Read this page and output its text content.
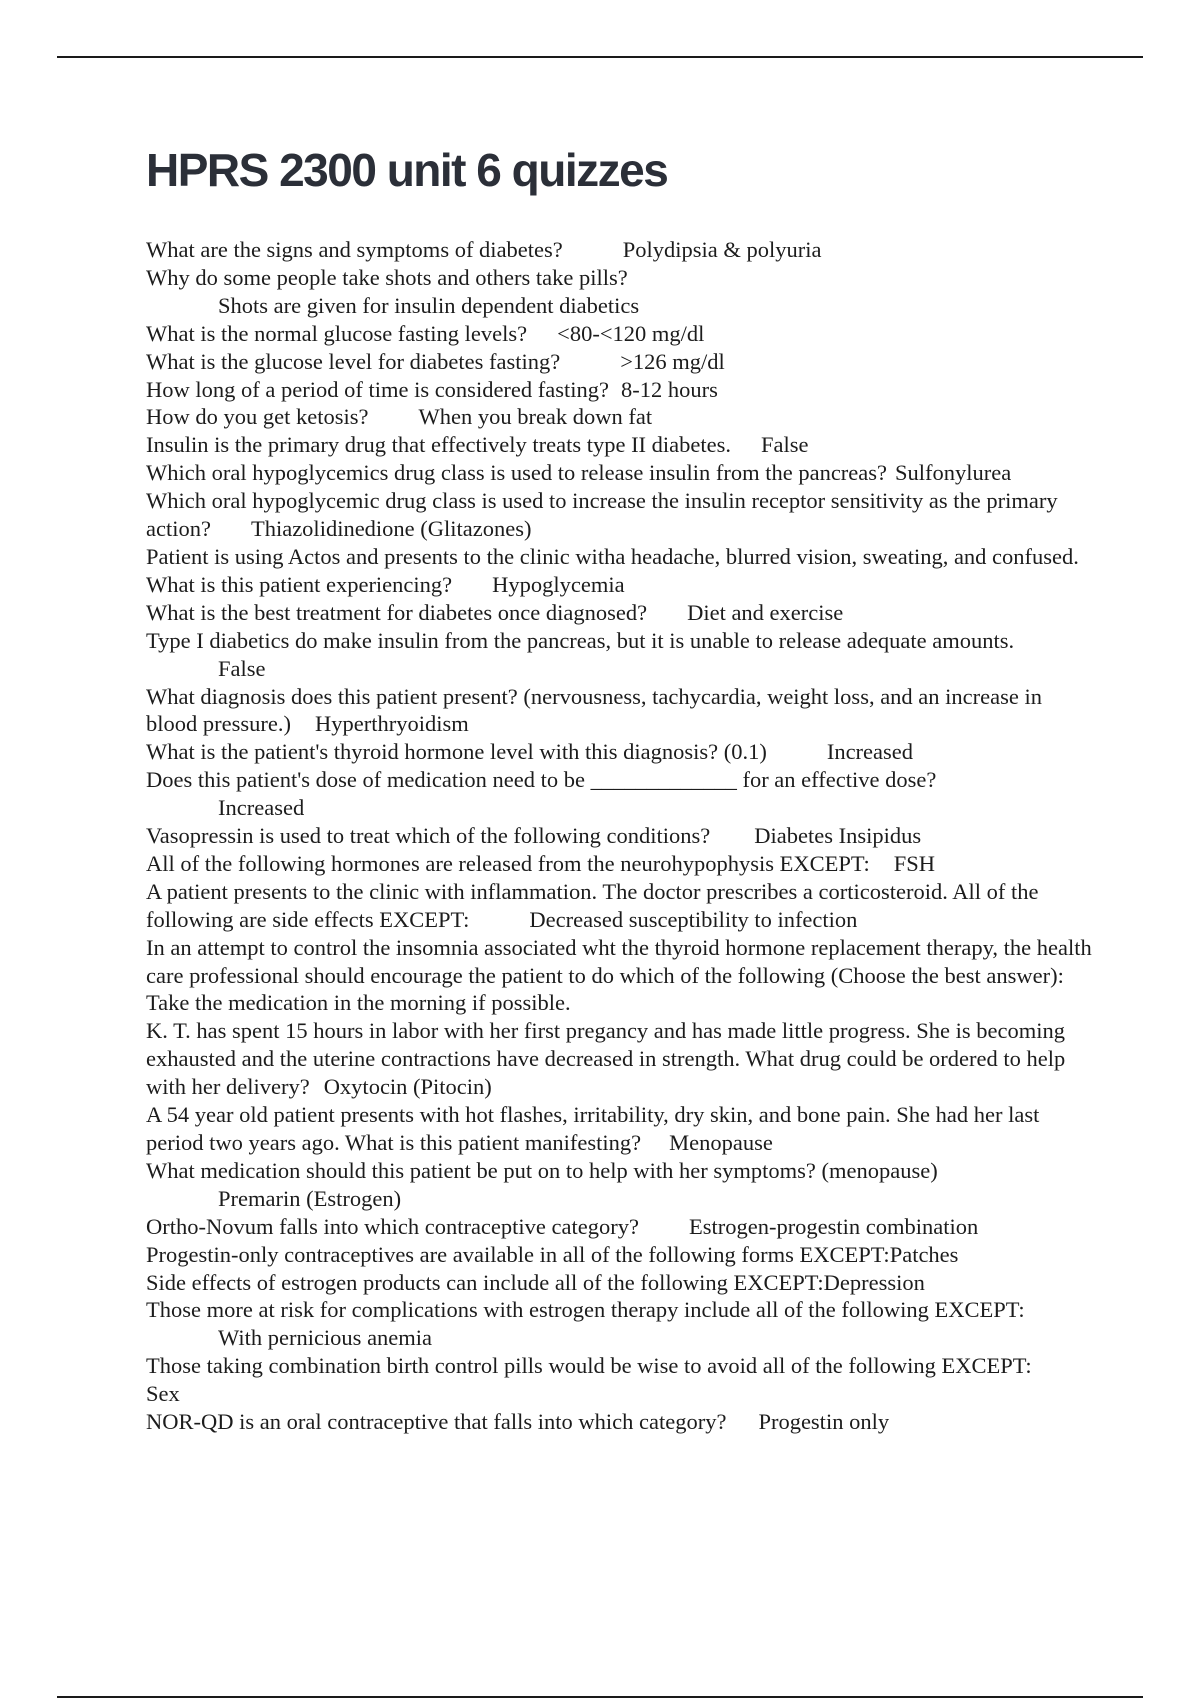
HPRS 2300 unit 6 quizzes

What are the signs and symptoms of diabetes?	Polydipsia & polyuria

Why do some people take shots and others take pills?
Shots are given for insulin dependent diabetics

What is the normal glucose fasting levels? <80-<120 mg/dl

What is the glucose level for diabetes fasting?	>126 mg/dl

How long of a period of time is considered fasting? 8-12 hours

How do you get ketosis? When you break down fat

Insulin is the primary drug that effectively treats type II diabetes. False

Which oral hypoglycemics drug class is used to release insulin from the pancreas? Sulfonylurea

Which oral hypoglycemic drug class is used to increase the insulin receptor sensitivity as the primary action? Thiazolidinedione (Glitazones)

Patient is using Actos and presents to the clinic witha headache, blurred vision, sweating, and confused. What is this patient experiencing? Hypoglycemia

What is the best treatment for diabetes once diagnosed? Diet and exercise

Type I diabetics do make insulin from the pancreas, but it is unable to release adequate amounts.
False

What diagnosis does this patient present? (nervousness, tachycardia, weight loss, and an increase in blood pressure.) Hyperthryoidism

What is the patient's thyroid hormone level with this diagnosis? (0.1)	Increased

Does this patient's dose of medication need to be _____________ for an effective dose?
Increased

Vasopressin is used to treat which of the following conditions? Diabetes Insipidus

All of the following hormones are released from the neurohypophysis EXCEPT: FSH

A patient presents to the clinic with inflammation. The doctor prescribes a corticosteroid. All of the following are side effects EXCEPT:	Decreased susceptibility to infection

In an attempt to control the insomnia associated wht the thyroid hormone replacement therapy, the health care professional should encourage the patient to do which of the following (Choose the best answer):Take the medication in the morning if possible.

K. T. has spent 15 hours in labor with her first pregancy and has made little progress. She is becoming exhausted and the uterine contractions have decreased in strength. What drug could be ordered to help with her delivery? Oxytocin (Pitocin)

A 54 year old patient presents with hot flashes, irritability, dry skin, and bone pain. She had her last period two years ago. What is this patient manifesting? Menopause

What medication should this patient be put on to help with her symptoms? (menopause)
Premarin (Estrogen)

Ortho-Novum falls into which contraceptive category? Estrogen-progestin combination

Progestin-only contraceptives are available in all of the following forms EXCEPT:Patches

Side effects of estrogen products can include all of the following EXCEPT:Depression

Those more at risk for complications with estrogen therapy include all of the following EXCEPT:
With pernicious anemia

Those taking combination birth control pills would be wise to avoid all of the following EXCEPT:Sex

NOR-QD is an oral contraceptive that falls into which category? Progestin only
